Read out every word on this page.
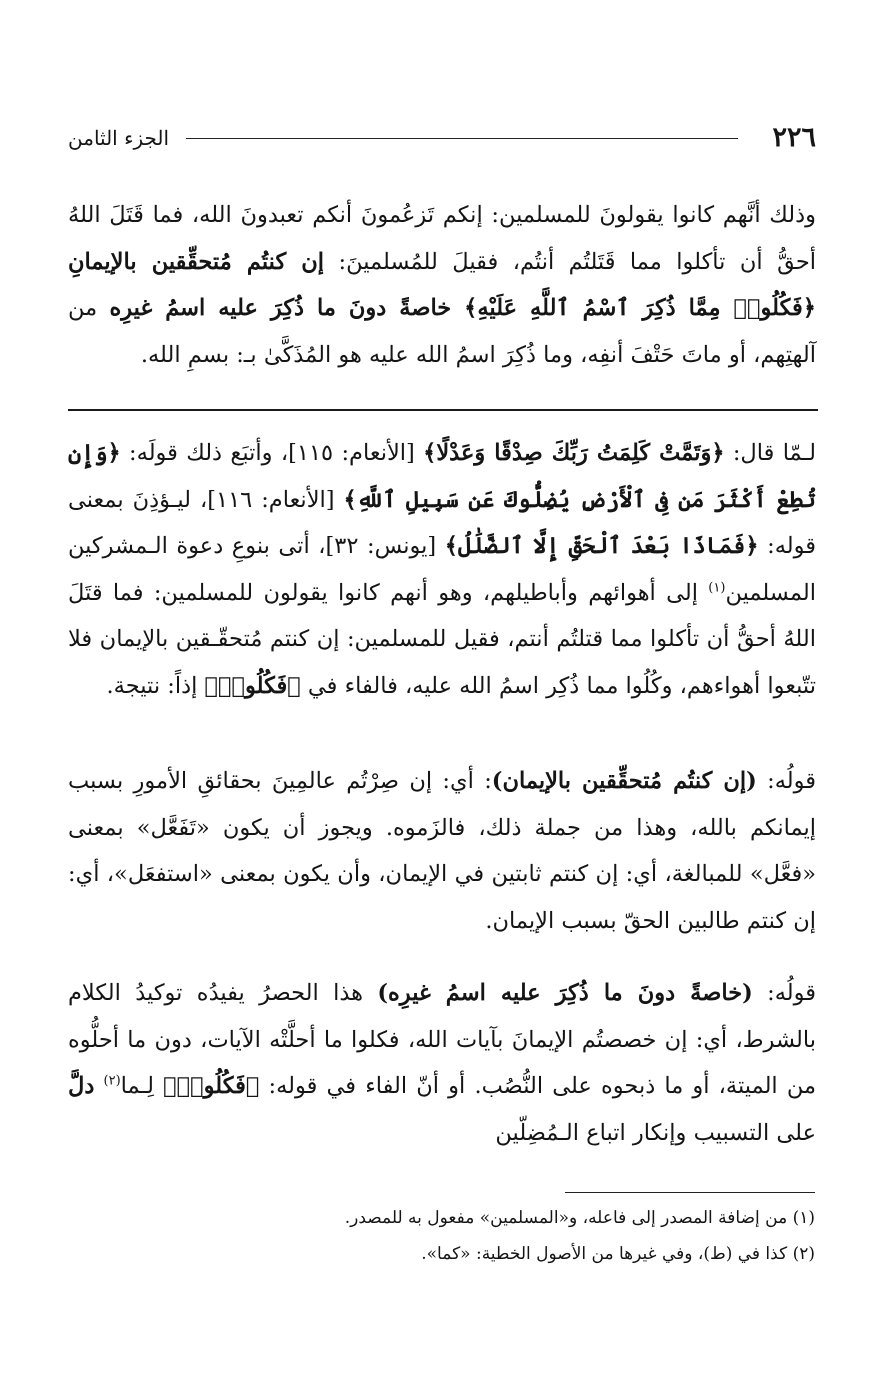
٢٢٦
الجزء الثامن

وذلك أنَّهم كانوا يقولونَ للمسلمين: إنكم تَزعُمونَ أنكم تعبدونَ الله، فما قَتَلَ اللهُ أحقُّ أن تأكلوا مما قَتَلتُم أنتُم، فقيلَ للمُسلمينَ: إن كنتُم مُتحقِّقين بالإيمانِ ﴿فَكُلُوا۟ مِمَّا ذُكِرَ ٱسْمُ ٱللَّهِ عَلَيْهِ﴾ خاصةً دونَ ما ذُكِرَ عليه اسمُ غيرِه من آلهتِهم، أو ماتَ حَتْفَ أنفِه، وما ذُكِرَ اسمُ الله عليه هو المُذَكَّىٰ بـ: بسمِ الله.

لـمّا قال: ﴿وَتَمَّتْ كَلِمَتُ رَبِّكَ صِدْقًا وَعَدْلًا﴾ [الأنعام: ١١٥]، وأتبَع ذلك قولَه: ﴿وَإِن تُطِعْ أَكْثَرَ مَن فِى ٱلْأَرْضِ يُضِلُّوكَ عَن سَبِيلِ ٱللَّهِ﴾ [الأنعام: ١١٦]، ليـؤذِنَ بمعنى قوله: ﴿فَمَاذَا بَعْدَ ٱلْحَقِّ إِلَّا ٱلضَّلَٰلُ﴾ [يونس: ٣٢]، أتى بنوعِ دعوة الـمشركين المسلمين$^{(١)}$ إلى أهوائهم وأباطيلهم، وهو أنهم كانوا يقولون للمسلمين: فما قتَلَ اللهُ أحقُّ أن تأكلوا مما قتلتُم أنتم، فقيل للمسلمين: إن كنتم مُتحقّـقين بالإيمان فلا تتّبعوا أهواءهم، وكُلُوا مما ذُكِر اسمُ الله عليه، فالفاء في ﴿فَكُلُوا۟﴾ إذاً: نتيجة.

قولُه: (إن كنتُم مُتحقِّقين بالإيمان): أي: إن صِرْتُم عالمِينَ بحقائقِ الأمورِ بسبب إيمانكم بالله، وهذا من جملة ذلك، فالزَموه. ويجوز أن يكون «تَفَعَّل» بمعنى «فعَّل» للمبالغة، أي: إن كنتم ثابتين في الإيمان، وأن يكون بمعنى «استفعَل»، أي: إن كنتم طالبين الحقّ بسبب الإيمان.

قولُه: (خاصةً دونَ ما ذُكِرَ عليه اسمُ غيرِه) هذا الحصرُ يفيدُه توكيدُ الكلام بالشرط، أي: إن خصصتُم الإيمانَ بآيات الله، فكلوا ما أحلَّتْه الآيات، دون ما أحلُّوه من الميتة، أو ما ذبحوه على النُّصُب. أو أنّ الفاء في قوله: ﴿فَكُلُوا۟﴾ لِـما$^{(٢)}$ دلَّ على التسبيب وإنكار اتباع الـمُضِلّين

(١) من إضافة المصدر إلى فاعله، و«المسلمين» مفعول به للمصدر.

(٢) كذا في (ط)، وفي غيرها من الأصول الخطية: «كما».
